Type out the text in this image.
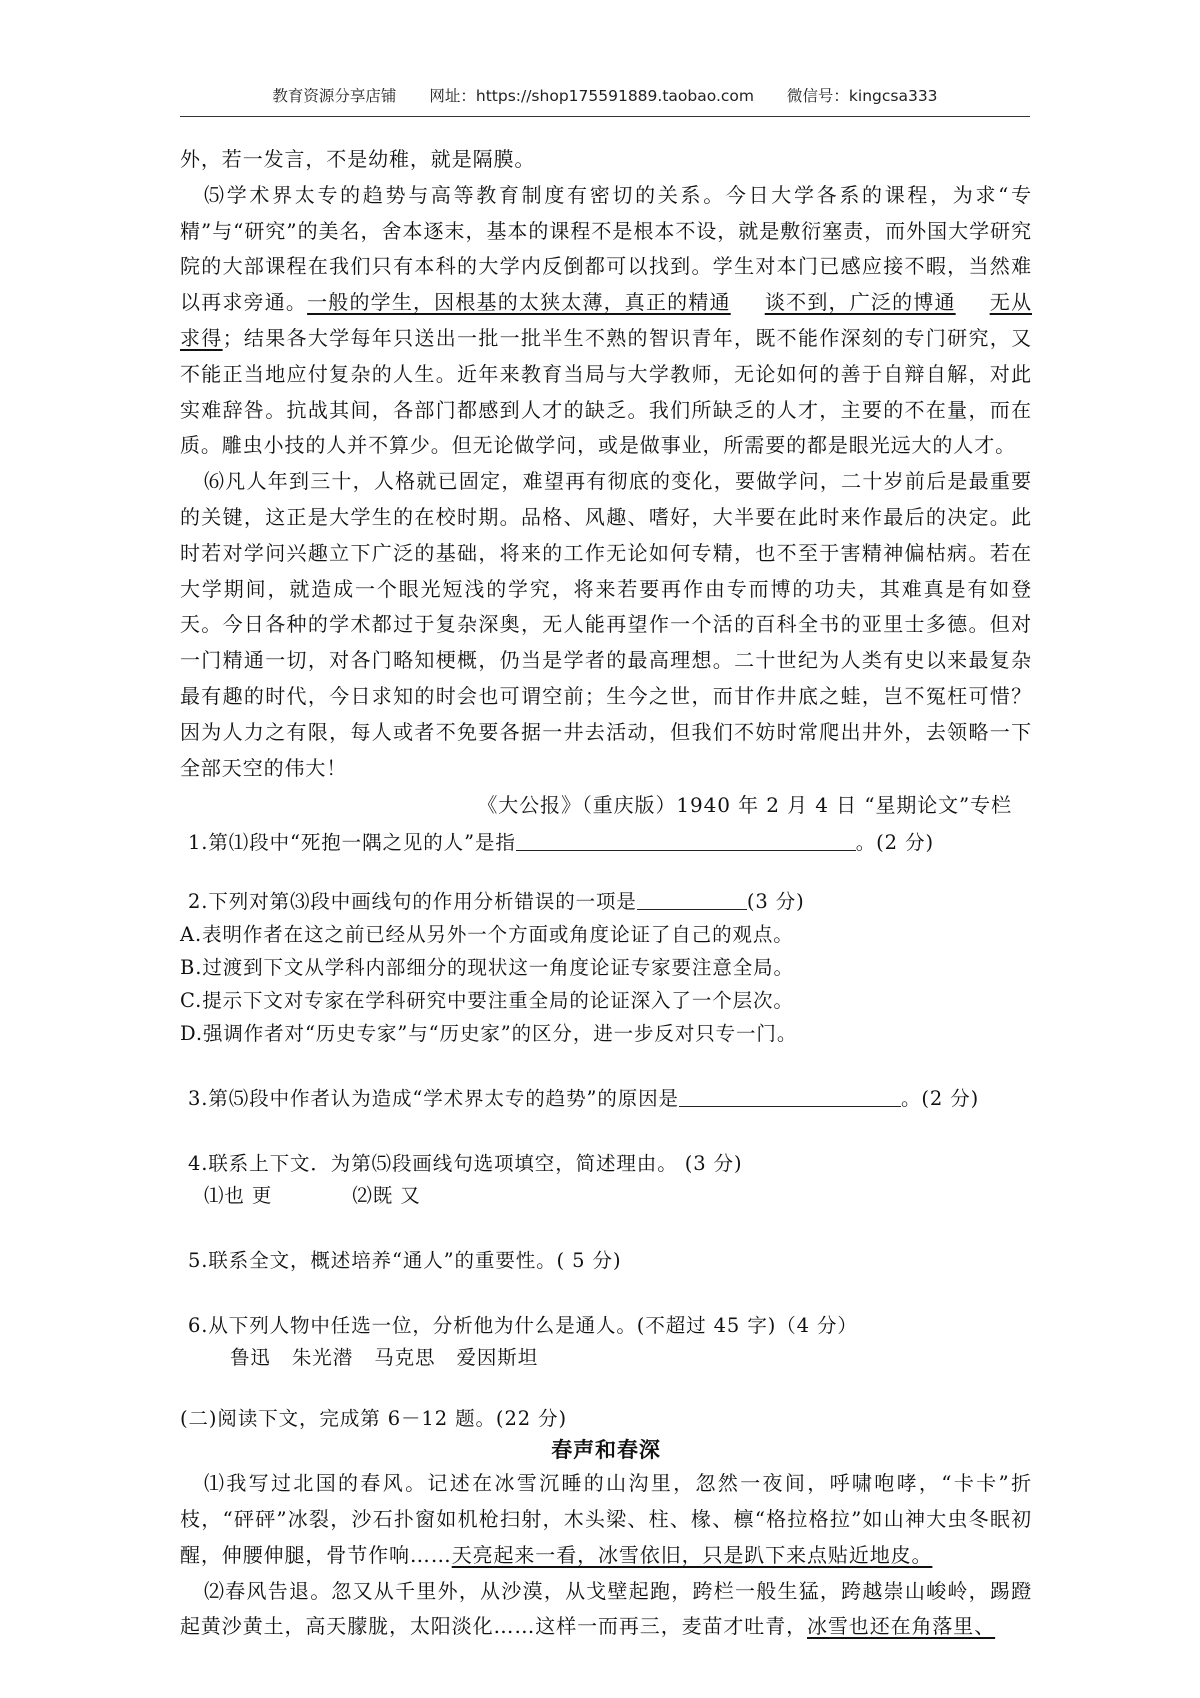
教育资源分享店铺 网址：https://shop175591889.taobao.com 微信号：kingcsa333

外，若一发言，不是幼稚，就是隔膜。

⑸学术界太专的趋势与高等教育制度有密切的关系。今日大学各系的课程，为求“专精”与“研究”的美名，舍本逐末，基本的课程不是根本不设，就是敷衍塞责，而外国大学研究院的大部课程在我们只有本科的大学内反倒都可以找到。学生对本门已感应接不暇，当然难以再求旁通。一般的学生，因根基的太狭太薄，真正的精通 谈不到，广泛的博通 无从求得；结果各大学每年只送出一批一批半生不熟的智识青年，既不能作深刻的专门研究，又不能正当地应付复杂的人生。近年来教育当局与大学教师，无论如何的善于自辩自解，对此实难辞咎。抗战其间，各部门都感到人才的缺乏。我们所缺乏的人才，主要的不在量，而在质。雕虫小技的人并不算少。但无论做学问，或是做事业，所需要的都是眼光远大的人才。

⑹凡人年到三十，人格就已固定，难望再有彻底的变化，要做学问，二十岁前后是最重要的关键，这正是大学生的在校时期。品格、风趣、嗜好，大半要在此时来作最后的决定。此时若对学问兴趣立下广泛的基础，将来的工作无论如何专精，也不至于害精神偏枯病。若在大学期间，就造成一个眼光短浅的学究，将来若要再作由专而博的功夫，其难真是有如登天。今日各种的学术都过于复杂深奥，无人能再望作一个活的百科全书的亚里士多德。但对一门精通一切，对各门略知梗概，仍当是学者的最高理想。二十世纪为人类有史以来最复杂最有趣的时代，今日求知的时会也可谓空前；生今之世，而甘作井底之蛙，岂不冤枉可惜？因为人力之有限，每人或者不免要各据一井去活动，但我们不妨时常爬出井外，去领略一下全部天空的伟大！

《大公报》（重庆版）1940 年 2 月 4 日 “星期论文”专栏

1.第⑴段中“死抱一隅之见的人”是指	。(2 分)

2.下列对第⑶段中画线句的作用分析错误的一项是	(3 分)

A.表明作者在这之前已经从另外一个方面或角度论证了自己的观点。

B.过渡到下文从学科内部细分的现状这一角度论证专家要注意全局。

C.提示下文对专家在学科研究中要注重全局的论证深入了一个层次。

D.强调作者对“历史专家”与“历史家”的区分，进一步反对只专一门。

3.第⑸段中作者认为造成“学术界太专的趋势”的原因是	。(2 分)

4.联系上下文．为第⑸段画线句选项填空，简述理由。 (3 分)

⑴也 更	⑵既 又

5.联系全文，概述培养“通人”的重要性。( 5 分)

6.从下列人物中任选一位，分析他为什么是通人。(不超过 45 字)（4 分）

鲁迅 朱光潜 马克思 爱因斯坦

(二)阅读下文，完成第 6－12 题。(22 分)

春声和春深

⑴我写过北国的春风。记述在冰雪沉睡的山沟里，忽然一夜间，呼啸咆哮，“卡卡”折枝，“砰砰”冰裂，沙石扑窗如机枪扫射，木头梁、柱、椽、檩“格拉格拉”如山神大虫冬眠初醒，伸腰伸腿，骨节作响……天亮起来一看，冰雪依旧，只是趴下来点贴近地皮。

⑵春风告退。忽又从千里外，从沙漠，从戈壁起跑，跨栏一般生猛，跨越崇山峻岭，踢蹬起黄沙黄土，高天朦胧，太阳淡化……这样一而再三，麦苗才吐青，冰雪也还在角落里、
